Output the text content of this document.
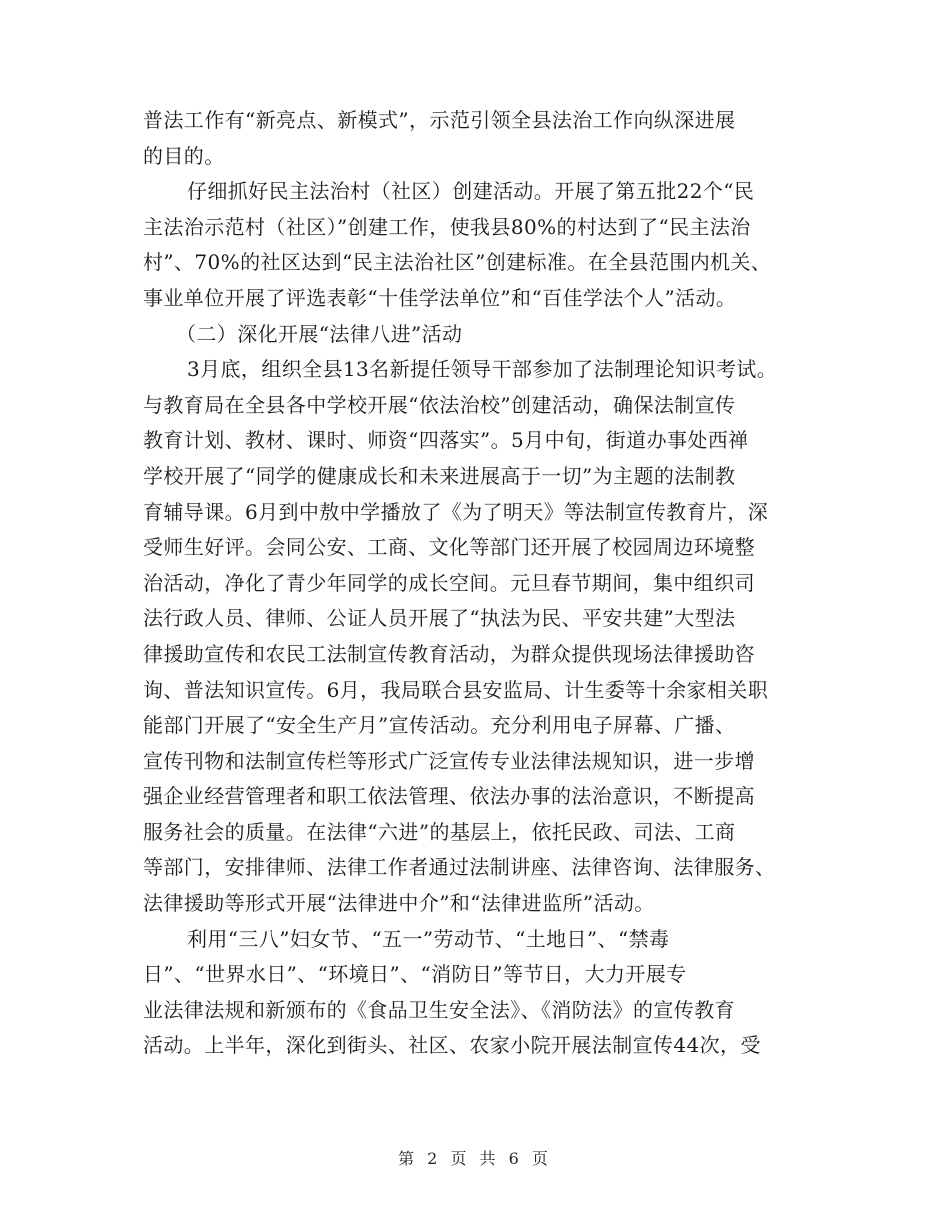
普法工作有“新亮点、新模式”，示范引领全县法治工作向纵深进展
的目的。
仔细抓好民主法治村（社区）创建活动。开展了第五批22个“民
主法治示范村（社区）”创建工作，使我县80%的村达到了“民主法治
村”、70%的社区达到“民主法治社区”创建标准。在全县范围内机关、
事业单位开展了评选表彰“十佳学法单位”和“百佳学法个人”活动。
（二）深化开展“法律八进”活动
3月底，组织全县13名新提任领导干部参加了法制理论知识考试。
与教育局在全县各中学校开展“依法治校”创建活动，确保法制宣传
教育计划、教材、课时、师资“四落实”。5月中旬，街道办事处西禅
学校开展了“同学的健康成长和未来进展高于一切”为主题的法制教
育辅导课。6月到中敖中学播放了《为了明天》等法制宣传教育片，深
受师生好评。会同公安、工商、文化等部门还开展了校园周边环境整
治活动，净化了青少年同学的成长空间。元旦春节期间，集中组织司
法行政人员、律师、公证人员开展了“执法为民、平安共建”大型法
律援助宣传和农民工法制宣传教育活动，为群众提供现场法律援助咨
询、普法知识宣传。6月，我局联合县安监局、计生委等十余家相关职
能部门开展了“安全生产月”宣传活动。充分利用电子屏幕、广播、
宣传刊物和法制宣传栏等形式广泛宣传专业法律法规知识，进一步增
强企业经营管理者和职工依法管理、依法办事的法治意识，不断提高
服务社会的质量。在法律“六进”的基层上，依托民政、司法、工商
等部门，安排律师、法律工作者通过法制讲座、法律咨询、法律服务、
法律援助等形式开展“法律进中介”和“法律进监所”活动。
利用“三八”妇女节、“五一”劳动节、“土地日”、“禁毒
日”、“世界水日”、“环境日”、“消防日”等节日，大力开展专
业法律法规和新颁布的《食品卫生安全法》、《消防法》的宣传教育
活动。上半年，深化到街头、社区、农家小院开展法制宣传44次，受
第 2 页 共 6 页
